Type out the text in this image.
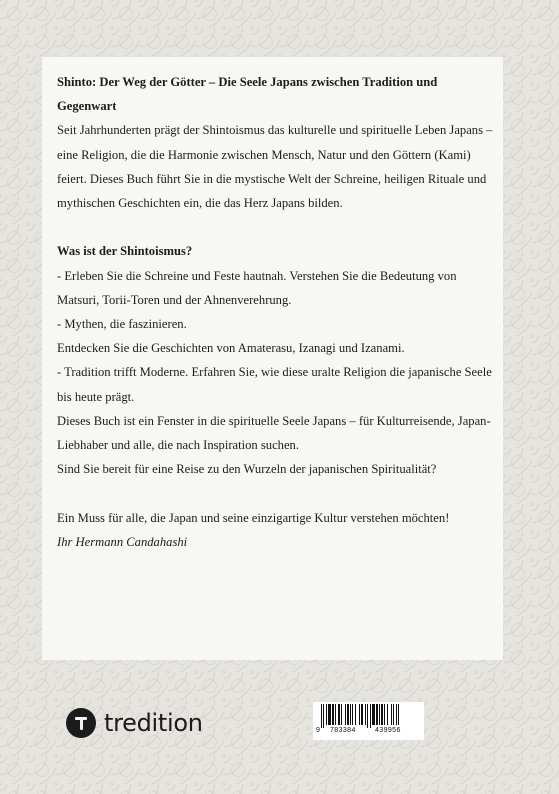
Shinto: Der Weg der Götter – Die Seele Japans zwischen Tradition und Gegenwart

Seit Jahrhunderten prägt der Shintoismus das kulturelle und spirituelle Leben Japans – eine Religion, die die Harmonie zwischen Mensch, Natur und den Göttern (Kami) feiert. Dieses Buch führt Sie in die mystische Welt der Schreine, heiligen Rituale und mythischen Geschichten ein, die das Herz Japans bilden.

Was ist der Shintoismus?

- Erleben Sie die Schreine und Feste hautnah. Verstehen Sie die Bedeutung von Matsuri, Torii-Toren und der Ahnenverehrung.

- Mythen, die faszinieren.

Entdecken Sie die Geschichten von Amaterasu, Izanagi und Izanami.

- Tradition trifft Moderne. Erfahren Sie, wie diese uralte Religion die japanische Seele bis heute prägt.

Dieses Buch ist ein Fenster in die spirituelle Seele Japans – für Kulturreisende, Japan-Liebhaber und alle, die nach Inspiration suchen.

Sind Sie bereit für eine Reise zu den Wurzeln der japanischen Spiritualität?

Ein Muss für alle, die Japan und seine einzigartige Kultur verstehen möchten!

Ihr Hermann Candahashi

tredition	9 783384	439956
